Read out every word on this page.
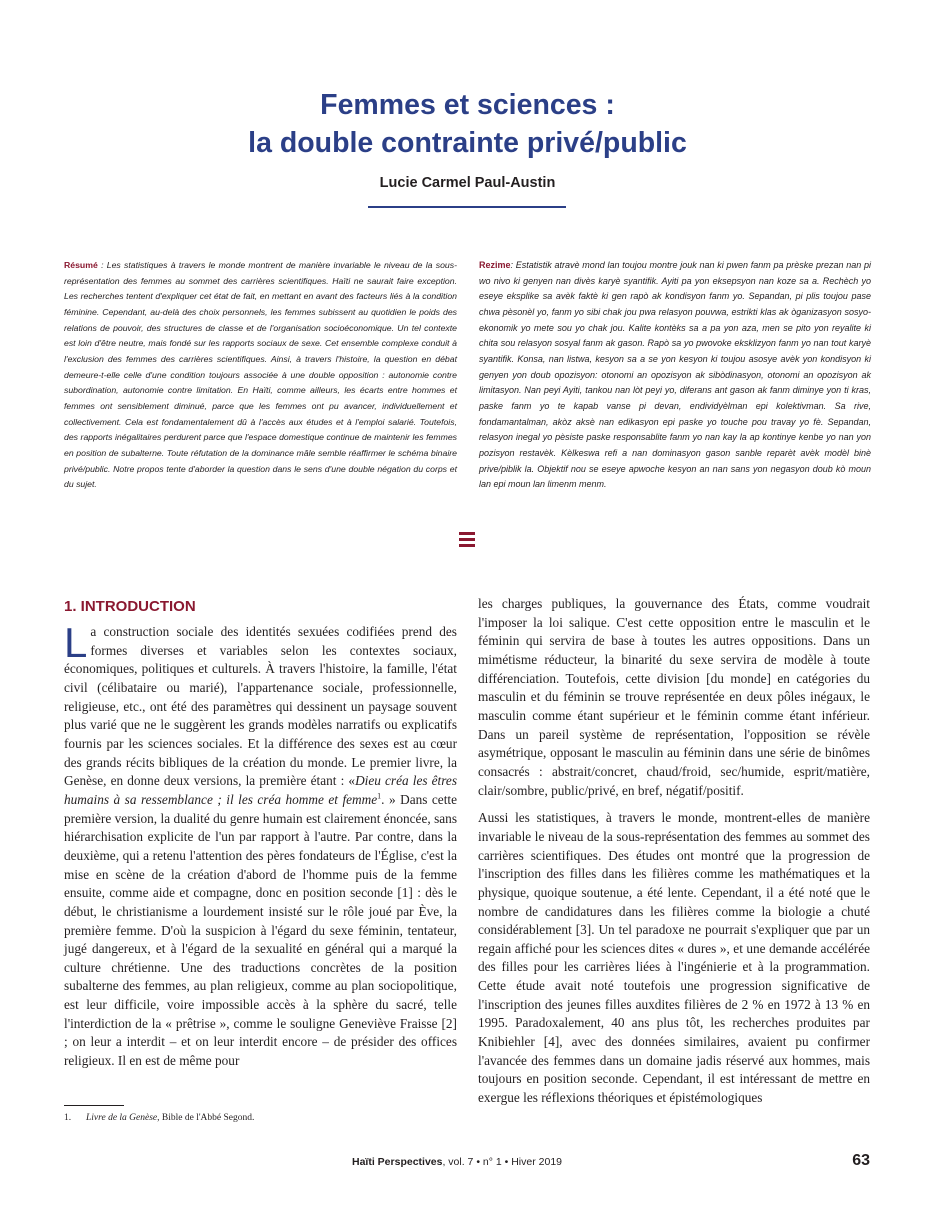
Femmes et sciences :
la double contrainte privé/public
Lucie Carmel Paul-Austin

Résumé : Les statistiques à travers le monde montrent de manière invariable le niveau de la sous-représentation des femmes au sommet des carrières scientifiques. Haïti ne saurait faire exception. Les recherches tentent d'expliquer cet état de fait, en mettant en avant des facteurs liés à la condition féminine. Cependant, au-delà des choix personnels, les femmes subissent au quotidien le poids des relations de pouvoir, des structures de classe et de l'organisation socioéconomique. Un tel contexte est loin d'être neutre, mais fondé sur les rapports sociaux de sexe. Cet ensemble complexe conduit à l'exclusion des femmes des carrières scientifiques. Ainsi, à travers l'histoire, la question en débat demeure-t-elle celle d'une condition toujours associée à une double opposition : autonomie contre subordination, autonomie contre limitation. En Haïti, comme ailleurs, les écarts entre hommes et femmes ont sensiblement diminué, parce que les femmes ont pu avancer, individuellement et collectivement. Cela est fondamentalement dû à l'accès aux études et à l'emploi salarié. Toutefois, des rapports inégalitaires perdurent parce que l'espace domestique continue de maintenir les femmes en position de subalterne. Toute réfutation de la dominance mâle semble réaffirmer le schéma binaire privé/public. Notre propos tente d'aborder la question dans le sens d'une double négation du corps et du sujet.

Rezime: Estatistik atravè mond lan toujou montre jouk nan ki pwen fanm pa prèske prezan nan pi wo nivo ki genyen nan divès karyè syantifik. Ayiti pa yon eksepsyon nan koze sa a. Rechèch yo eseye eksplike sa avèk faktè ki gen rapò ak kondisyon fanm yo. Sepandan, pi plis toujou pase chwa pèsonèl yo, fanm yo sibi chak jou pwa relasyon pouvwa, estrikti klas ak òganizasyon sosyo-ekonomik yo mete sou yo chak jou. Kalite kontèks sa a pa yon aza, men se pito yon reyalite ki chita sou relasyon sosyal fanm ak gason. Rapò sa yo pwovoke eksklizyon fanm yo nan tout karyè syantifik. Konsa, nan listwa, kesyon sa a se yon kesyon ki toujou asosye avèk yon kondisyon ki genyen yon doub opozisyon: otonomi an opozisyon ak sibòdinasyon, otonomi an opozisyon ak limitasyon. Nan peyi Ayiti, tankou nan lòt peyi yo, diferans ant gason ak fanm diminye yon ti kras, paske fanm yo te kapab vanse pi devan, endividyèlman epi kolektivman. Sa rive, fondamantalman, akòz aksè nan edikasyon epi paske yo touche pou travay yo fè. Sepandan, relasyon inegal yo pèsiste paske responsablite fanm yo nan kay la ap kontinye kenbe yo nan yon pozisyon restavèk. Kèlkeswa refi a nan dominasyon gason sanble reparèt avèk modèl binè prive/piblik la. Objektif nou se eseye apwoche kesyon an nan sans yon negasyon doub kò moun lan epi moun lan limenm menm.

1. INTRODUCTION

La construction sociale des identités sexuées codifiées prend des formes diverses et variables selon les contextes sociaux, économiques, politiques et culturels. À travers l'histoire, la famille, l'état civil (célibataire ou marié), l'appartenance sociale, professionnelle, religieuse, etc., ont été des paramètres qui dessinent un paysage souvent plus varié que ne le suggèrent les grands modèles narratifs ou explicatifs fournis par les sciences sociales. Et la différence des sexes est au cœur des grands récits bibliques de la création du monde. Le premier livre, la Genèse, en donne deux versions, la première étant : «Dieu créa les êtres humains à sa ressemblance ; il les créa homme et femme$^1$. » Dans cette première version, la dualité du genre humain est clairement énoncée, sans hiérarchisation explicite de l'un par rapport à l'autre. Par contre, dans la deuxième, qui a retenu l'attention des pères fondateurs de l'Église, c'est la mise en scène de la création d'abord de l'homme puis de la femme ensuite, comme aide et compagne, donc en position seconde [1] : dès le début, le christianisme a lourdement insisté sur le rôle joué par Ève, la première femme. D'où la suspicion à l'égard du sexe féminin, tentateur, jugé dangereux, et à l'égard de la sexualité en général qui a marqué la culture chrétienne. Une des traductions concrètes de la position subalterne des femmes, au plan religieux, comme au plan sociopolitique, est leur difficile, voire impossible accès à la sphère du sacré, telle l'interdiction de la « prêtrise », comme le souligne Geneviève Fraisse [2] ; on leur a interdit – et on leur interdit encore – de présider des offices religieux. Il en est de même pour

les charges publiques, la gouvernance des États, comme voudrait l'imposer la loi salique. C'est cette opposition entre le masculin et le féminin qui servira de base à toutes les autres oppositions. Dans un mimétisme réducteur, la binarité du sexe servira de modèle à toute différenciation. Toutefois, cette division [du monde] en catégories du masculin et du féminin se trouve représentée en deux pôles inégaux, le masculin comme étant supérieur et le féminin comme étant inférieur. Dans un pareil système de représentation, l'opposition se révèle asymétrique, opposant le masculin au féminin dans une série de binômes consacrés : abstrait/concret, chaud/froid, sec/humide, esprit/matière, clair/sombre, public/privé, en bref, négatif/positif.

Aussi les statistiques, à travers le monde, montrent-elles de manière invariable le niveau de la sous-représentation des femmes au sommet des carrières scientifiques. Des études ont montré que la progression de l'inscription des filles dans les filières comme les mathématiques et la physique, quoique soutenue, a été lente. Cependant, il a été noté que le nombre de candidatures dans les filières comme la biologie a chuté considérablement [3]. Un tel paradoxe ne pourrait s'expliquer que par un regain affiché pour les sciences dites « dures », et une demande accélérée des filles pour les carrières liées à l'ingénierie et à la programmation. Cette étude avait noté toutefois une progression significative de l'inscription des jeunes filles auxdites filières de 2 % en 1972 à 13 % en 1995. Paradoxalement, 40 ans plus tôt, les recherches produites par Knibiehler [4], avec des données similaires, avaient pu confirmer l'avancée des femmes dans un domaine jadis réservé aux hommes, mais toujours en position seconde. Cependant, il est intéressant de mettre en exergue les réflexions théoriques et épistémologiques

1. Livre de la Genèse, Bible de l'Abbé Segond.
Haïti Perspectives, vol. 7 • n° 1 • Hiver 2019	63
